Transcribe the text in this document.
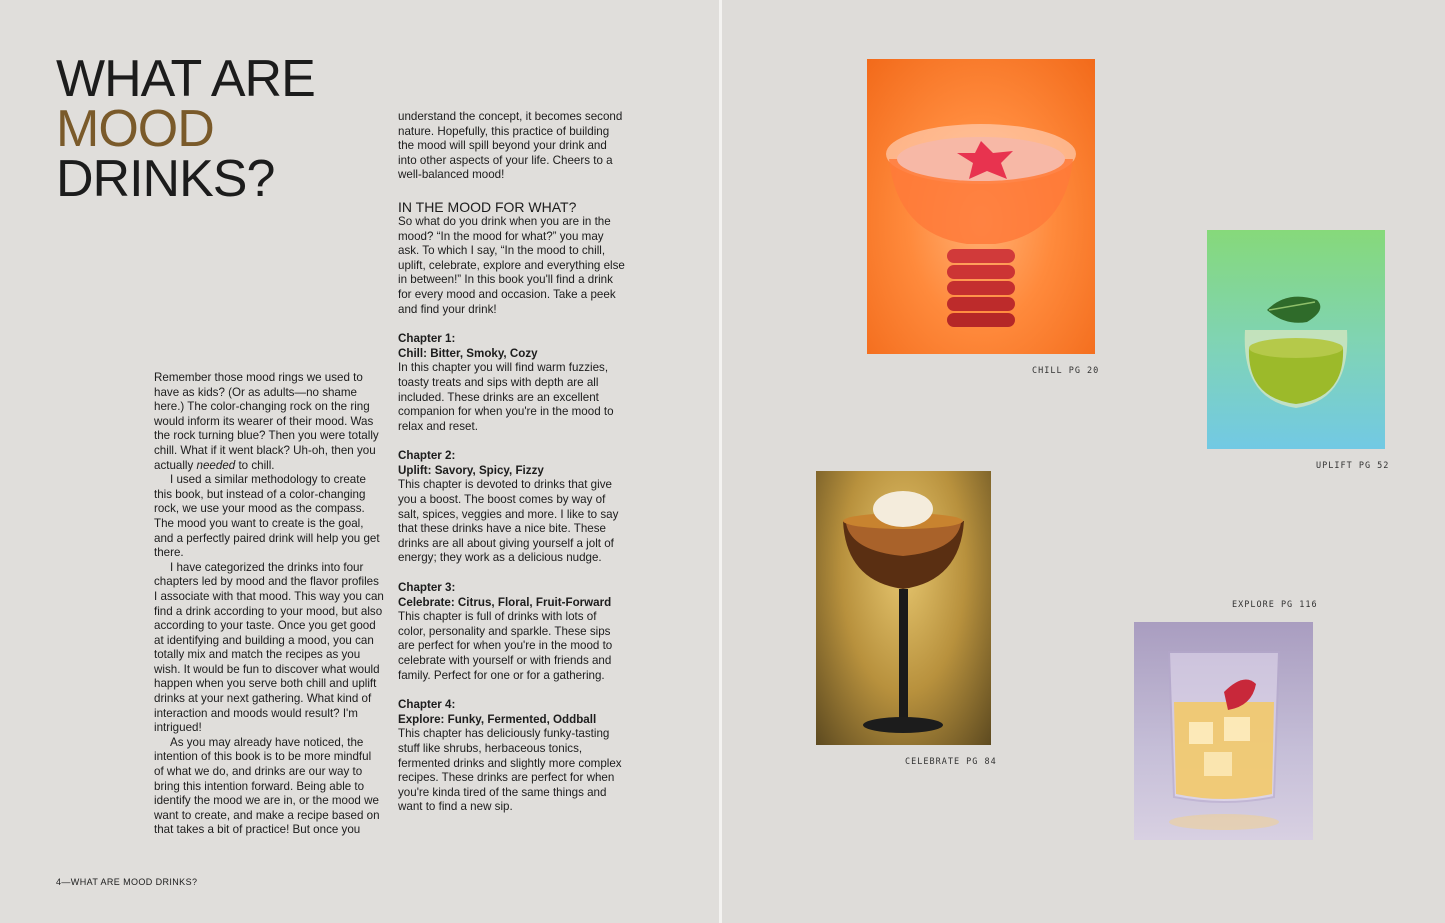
WHAT ARE
MOOD
DRINKS?

Remember those mood rings we used to have as kids? (Or as adults—no shame here.) The color-changing rock on the ring would inform its wearer of their mood. Was the rock turning blue? Then you were totally chill. What if it went black? Uh-oh, then you actually needed to chill.

I used a similar methodology to create this book, but instead of a color-changing rock, we use your mood as the compass. The mood you want to create is the goal, and a perfectly paired drink will help you get there.

I have categorized the drinks into four chapters led by mood and the flavor profiles I associate with that mood. This way you can find a drink according to your mood, but also according to your taste. Once you get good at identifying and building a mood, you can totally mix and match the recipes as you wish. It would be fun to discover what would happen when you serve both chill and uplift drinks at your next gathering. What kind of interaction and moods would result? I'm intrigued!

As you may already have noticed, the intention of this book is to be more mindful of what we do, and drinks are our way to bring this intention forward. Being able to identify the mood we are in, or the mood we want to create, and make a recipe based on that takes a bit of practice! But once you

understand the concept, it becomes second nature. Hopefully, this practice of building the mood will spill beyond your drink and into other aspects of your life. Cheers to a well-balanced mood!

IN THE MOOD FOR WHAT?

So what do you drink when you are in the mood? “In the mood for what?” you may ask. To which I say, “In the mood to chill, uplift, celebrate, explore and everything else in between!” In this book you'll find a drink for every mood and occasion. Take a peek and find your drink!

Chapter 1:

Chill: Bitter, Smoky, Cozy

In this chapter you will find warm fuzzies, toasty treats and sips with depth are all included. These drinks are an excellent companion for when you're in the mood to relax and reset.

Chapter 2:

Uplift: Savory, Spicy, Fizzy

This chapter is devoted to drinks that give you a boost. The boost comes by way of salt, spices, veggies and more. I like to say that these drinks have a nice bite. These drinks are all about giving yourself a jolt of energy; they work as a delicious nudge.

Chapter 3:

Celebrate: Citrus, Floral, Fruit-Forward

This chapter is full of drinks with lots of color, personality and sparkle. These sips are perfect for when you're in the mood to celebrate with yourself or with friends and family. Perfect for one or for a gathering.

Chapter 4:

Explore: Funky, Fermented, Oddball

This chapter has deliciously funky-tasting stuff like shrubs, herbaceous tonics, fermented drinks and slightly more complex recipes. These drinks are perfect for when you're kinda tired of the same things and want to find a new sip.

4—WHAT ARE MOOD DRINKS?
CHILL PG 20
UPLIFT PG 52
CELEBRATE PG 84
EXPLORE PG 116
